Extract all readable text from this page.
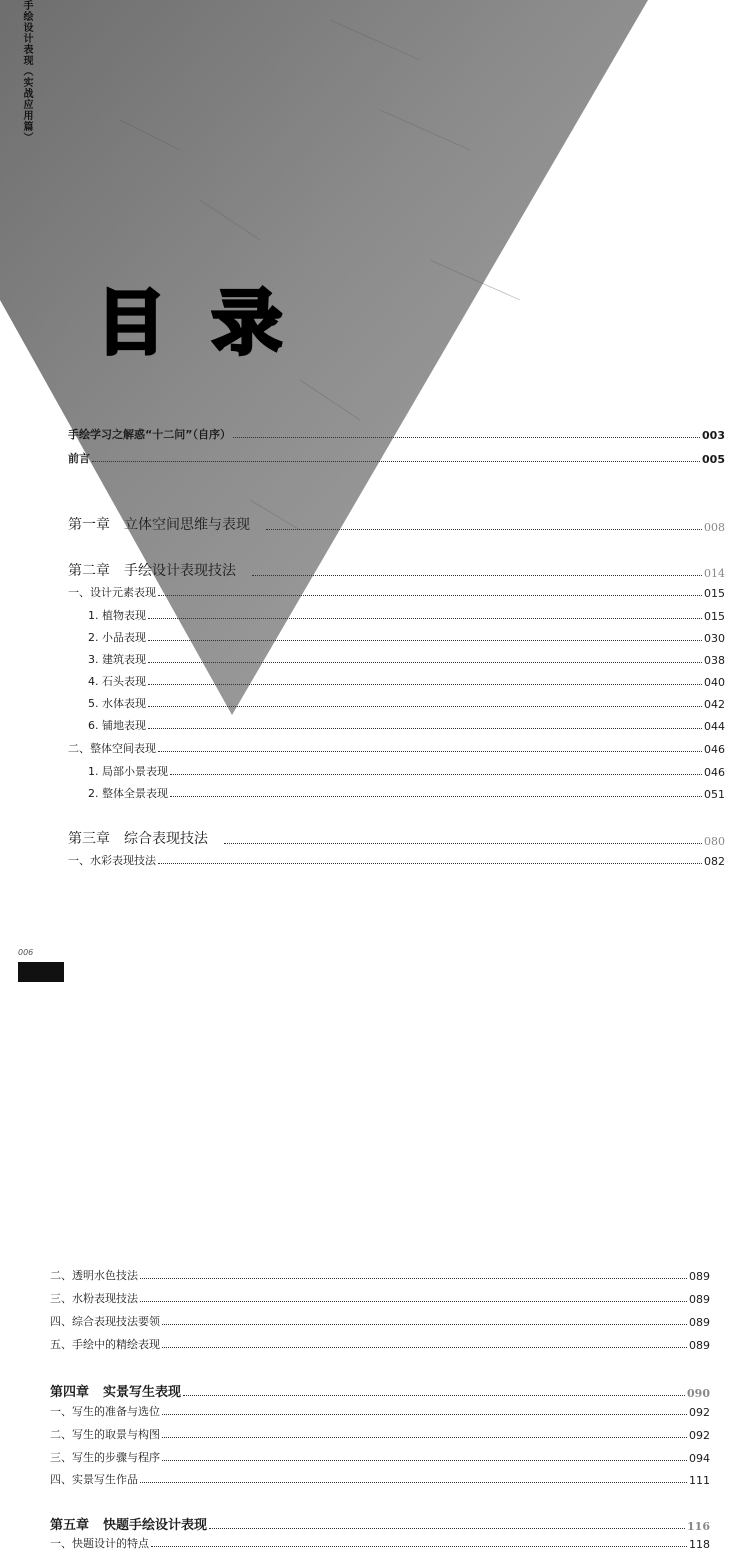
手绘设计表现（实战应用篇）
目 录
手绘学习之解惑“十二问”（自序）	003
前言	005
第一章 立体空间思维与表现	008
第二章 手绘设计表现技法	014
一、设计元素表现	015
1. 植物表现	015
2. 小品表现	030
3. 建筑表现	038
4. 石头表现	040
5. 水体表现	042
6. 铺地表现	044
二、整体空间表现	046
1. 局部小景表现	046
2. 整体全景表现	051
第三章 综合表现技法	080
一、水彩表现技法	082
006
二、透明水色技法	089
三、水粉表现技法	089
四、综合表现技法要领	089
五、手绘中的精绘表现	089
第四章 实景写生表现	090
一、写生的准备与选位	092
二、写生的取景与构图	092
三、写生的步骤与程序	094
四、实景写生作品	111
第五章 快题手绘设计表现	116
一、快题设计的特点	118
